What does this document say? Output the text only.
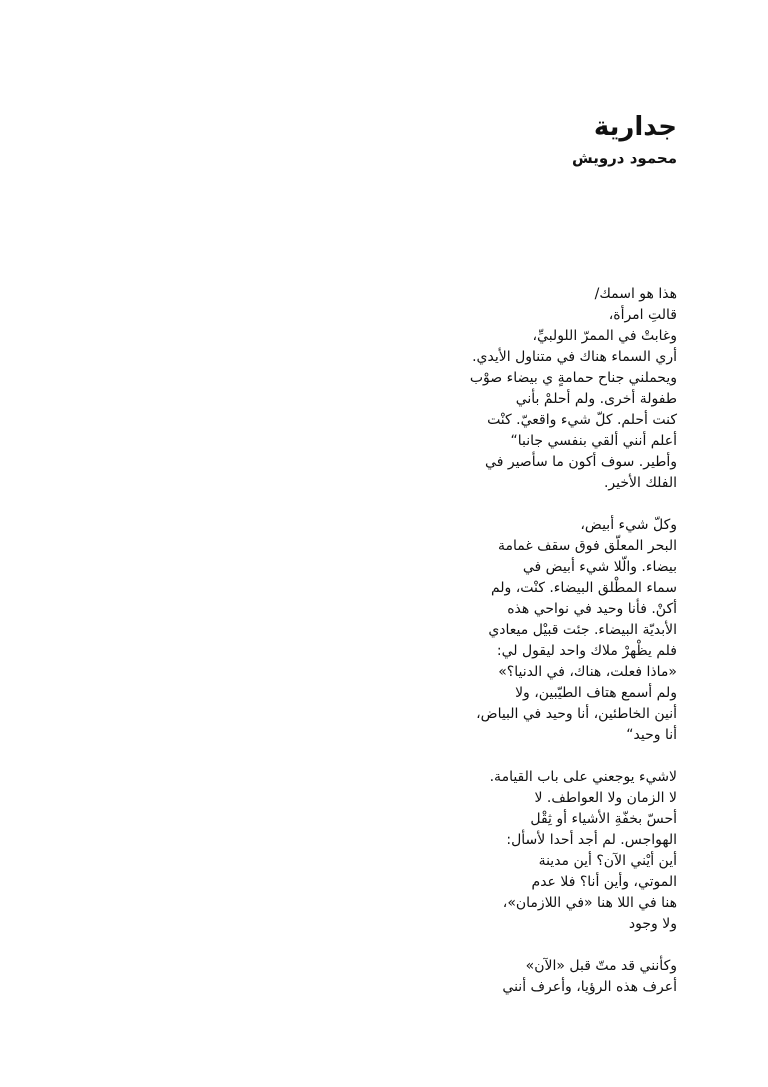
جدارية
محمود درويش
هذا هو اسمك/
قالتِ امرأة،
وغابتْ في الممرّ اللولبيِّ،
أري السماء هناك في متناول الأيدي.
ويحملني جناح حمامةٍ ي بيضاء صوْب
طفولة أخرى. ولم أحلمْ بأني
كنت أحلم. كلّ شيء واقعيّ. كنْت
أعلم أنني ألقي بنفسي جانبا“
وأطير. سوف أكون ما سأصير في
الفلك الأخير.
وكلّ شيء أبيض،
البحر المعلّق فوق سقف غمامة
بيضاء. والّلا شيء أبيض في
سماء المطْلق البيضاء. كنْت، ولم
أكنْ. فأنا وحيد في نواحي هذه
الأبديّة البيضاء. جئت قبيْل ميعادي
فلم يظْهرْ ملاك واحد ليقول لي:
«ماذا فعلت، هناك، في الدنيا؟»
ولم أسمع هتاف الطيّبين، ولا
أنين الخاطئين، أنا وحيد في البياض،
أنا وحيد“
لاشيء يوجعني على باب القيامة.
لا الزمان ولا العواطف. لا
أحسّ بخفّةِ الأشياء أو ثِقْل
الهواجس. لم أجد أحدا لأسأل:
أين أيْني الآن؟ أين مدينة
الموتي، وأين أنا؟ فلا عدم
هنا في اللا هنا «في اللازمان»،
ولا وجود
وكأنني قد متّ قبل «الآن»
أعرف هذه الرؤيا، وأعرف أنني
